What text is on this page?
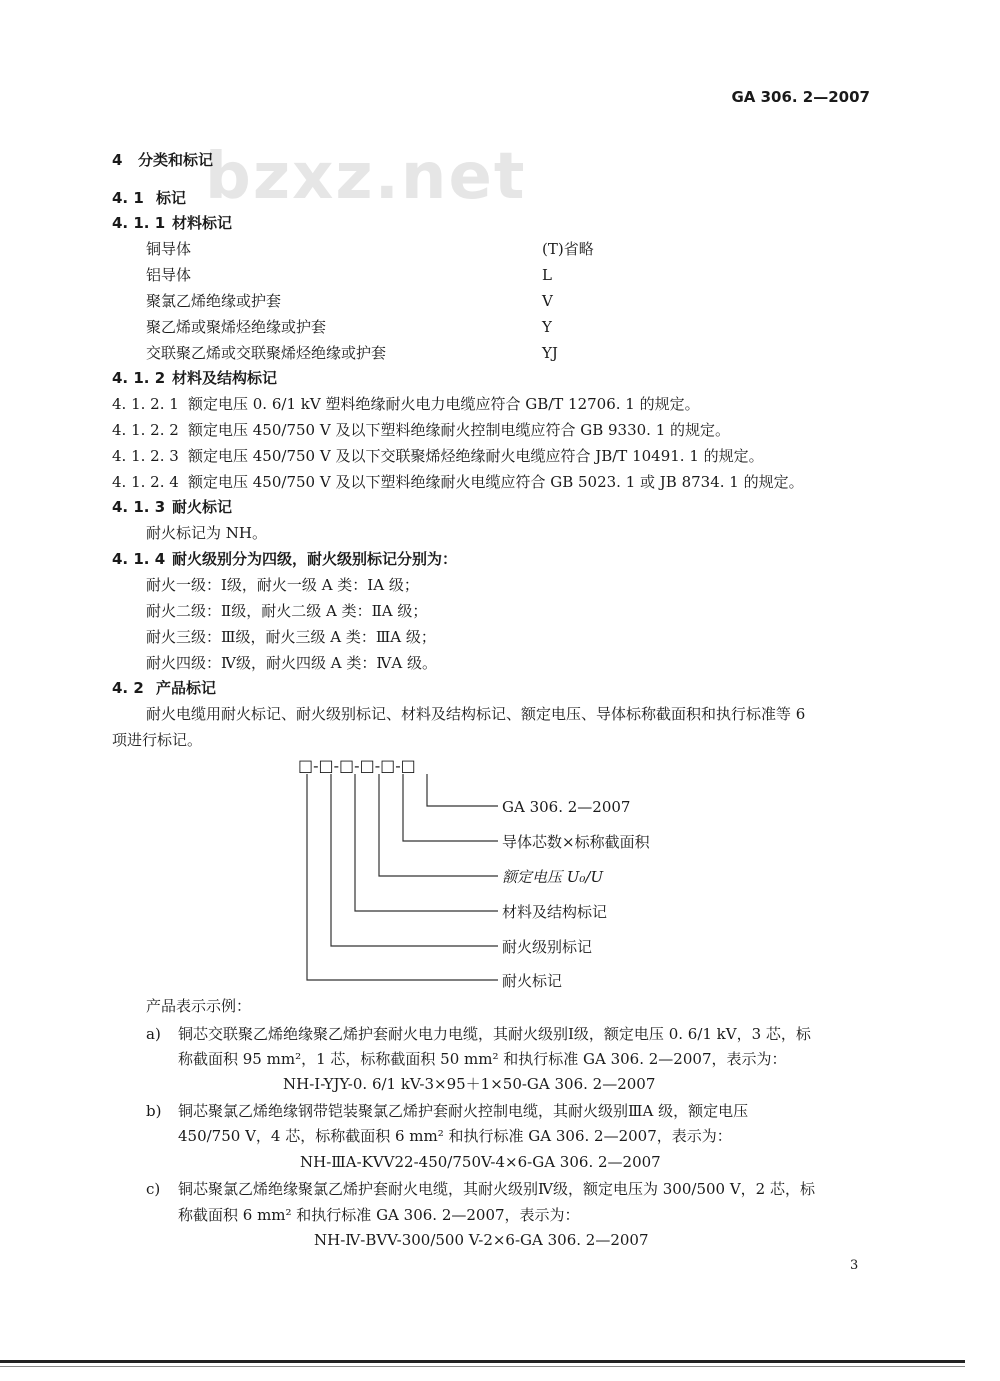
bzxz.net
GA 306. 2—2007
4 分类和标记
4. 1 标记
4. 1. 1 材料标记
铜导体	(T)省略
铝导体	L
聚氯乙烯绝缘或护套	V
聚乙烯或聚烯烃绝缘或护套	Y
交联聚乙烯或交联聚烯烃绝缘或护套	YJ
4. 1. 2 材料及结构标记
4. 1. 2. 1 额定电压 0. 6/1 kV 塑料绝缘耐火电力电缆应符合 GB/T 12706. 1 的规定。
4. 1. 2. 2 额定电压 450/750 V 及以下塑料绝缘耐火控制电缆应符合 GB 9330. 1 的规定。
4. 1. 2. 3 额定电压 450/750 V 及以下交联聚烯烃绝缘耐火电缆应符合 JB/T 10491. 1 的规定。
4. 1. 2. 4 额定电压 450/750 V 及以下塑料绝缘耐火电缆应符合 GB 5023. 1 或 JB 8734. 1 的规定。
4. 1. 3 耐火标记
耐火标记为 NH。
4. 1. 4 耐火级别分为四级，耐火级别标记分别为：
耐火一级：Ⅰ级，耐火一级 A 类：ⅠA 级；
耐火二级：Ⅱ级，耐火二级 A 类：ⅡA 级；
耐火三级：Ⅲ级，耐火三级 A 类：ⅢA 级；
耐火四级：Ⅳ级，耐火四级 A 类：ⅣA 级。
4. 2 产品标记
耐火电缆用耐火标记、耐火级别标记、材料及结构标记、额定电压、导体标称截面积和执行标准等 6
项进行标记。
□-□-□-□-□-□
GA 306. 2—2007
导体芯数×标称截面积
额定电压 U₀/U
材料及结构标记
耐火级别标记
耐火标记
产品表示示例：
a) 铜芯交联聚乙烯绝缘聚乙烯护套耐火电力电缆，其耐火级别Ⅰ级，额定电压 0. 6/1 kV，3 芯，标
称截面积 95 mm²，1 芯，标称截面积 50 mm² 和执行标准 GA 306. 2—2007，表示为：
NH-Ⅰ-YJY-0. 6/1 kV-3×95＋1×50-GA 306. 2—2007
b) 铜芯聚氯乙烯绝缘钢带铠装聚氯乙烯护套耐火控制电缆，其耐火级别ⅢA 级，额定电压
450/750 V，4 芯，标称截面积 6 mm² 和执行标准 GA 306. 2—2007，表示为：
NH-ⅢA-KVV22-450/750V-4×6-GA 306. 2—2007
c) 铜芯聚氯乙烯绝缘聚氯乙烯护套耐火电缆，其耐火级别Ⅳ级，额定电压为 300/500 V，2 芯，标
称截面积 6 mm² 和执行标准 GA 306. 2—2007，表示为：
NH-Ⅳ-BVV-300/500 V-2×6-GA 306. 2—2007
3
